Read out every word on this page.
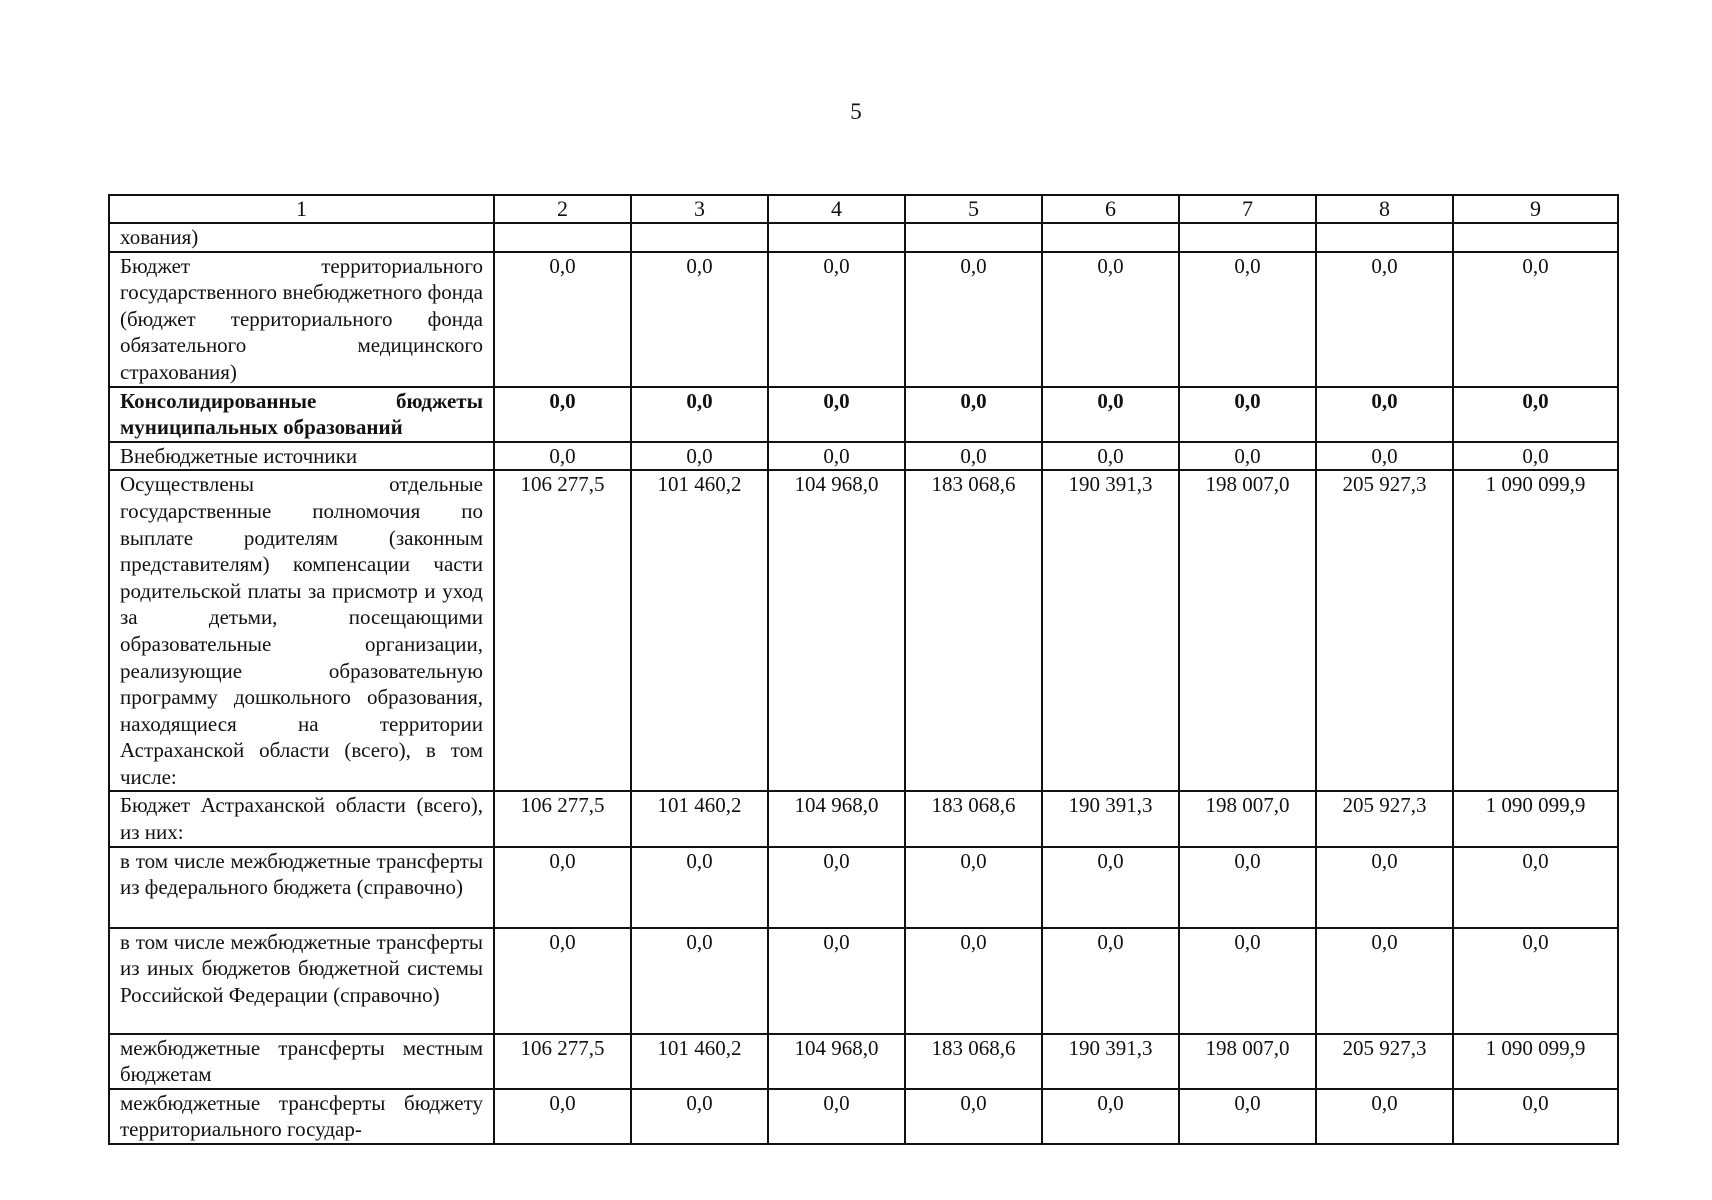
5
1	2	3	4	5	6	7	8	9
хования)								
Бюджет территориального государственного внебюджетного фонда (бюджет территориального фонда обязательного медицинского страхования)	0,0	0,0	0,0	0,0	0,0	0,0	0,0	0,0
Консолидированные бюджеты муниципальных образований	0,0	0,0	0,0	0,0	0,0	0,0	0,0	0,0
Внебюджетные источники	0,0	0,0	0,0	0,0	0,0	0,0	0,0	0,0
Осуществлены отдельные государственные полномочия по выплате родителям (законным представителям) компенсации части родительской платы за присмотр и уход за детьми, посещающими образовательные организации, реализующие образовательную программу дошкольного образования, находящиеся на территории Астраханской области (всего), в том числе:	106 277,5	101 460,2	104 968,0	183 068,6	190 391,3	198 007,0	205 927,3	1 090 099,9
Бюджет Астраханской области (всего), из них:	106 277,5	101 460,2	104 968,0	183 068,6	190 391,3	198 007,0	205 927,3	1 090 099,9
в том числе межбюджетные трансферты из федерального бюджета (справочно)	0,0	0,0	0,0	0,0	0,0	0,0	0,0	0,0
в том числе межбюджетные трансферты из иных бюджетов бюджетной системы Российской Федерации (справочно)	0,0	0,0	0,0	0,0	0,0	0,0	0,0	0,0
межбюджетные трансферты местным бюджетам	106 277,5	101 460,2	104 968,0	183 068,6	190 391,3	198 007,0	205 927,3	1 090 099,9
межбюджетные трансферты бюджету территориального государ-	0,0	0,0	0,0	0,0	0,0	0,0	0,0	0,0
